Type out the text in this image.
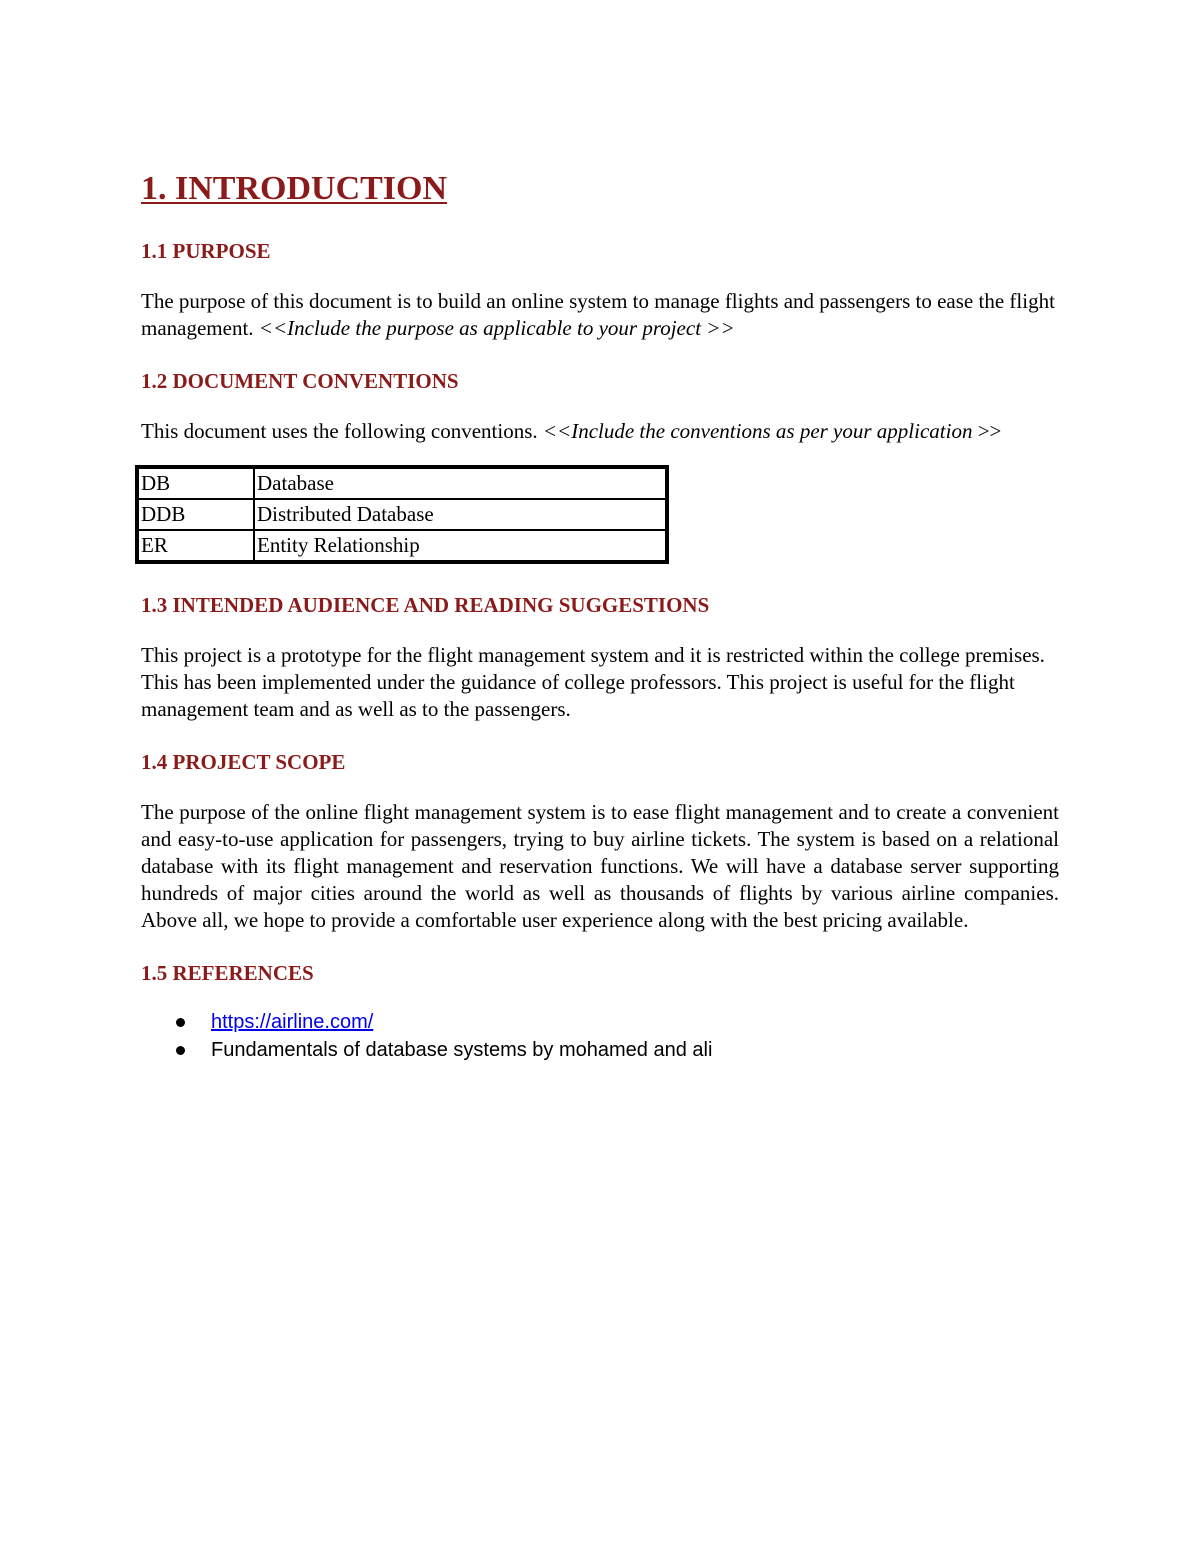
1. INTRODUCTION
1.1 PURPOSE

The purpose of this document is to build an online system to manage flights and passengers to ease the flight management. <<Include the purpose as applicable to your project >>

1.2 DOCUMENT CONVENTIONS

This document uses the following conventions. <<Include the conventions as per your application >>

DB	Database
DDB	Distributed Database
ER	Entity Relationship
1.3 INTENDED AUDIENCE AND READING SUGGESTIONS

This project is a prototype for the flight management system and it is restricted within the college premises. This has been implemented under the guidance of college professors. This project is useful for the flight management team and as well as to the passengers.

1.4 PROJECT SCOPE

The purpose of the online flight management system is to ease flight management and to create a convenient and easy-to-use application for passengers, trying to buy airline tickets. The system is based on a relational database with its flight management and reservation functions. We will have a database server supporting hundreds of major cities around the world as well as thousands of flights by various airline companies. Above all, we hope to provide a comfortable user experience along with the best pricing available.

1.5 REFERENCES
https://airline.com/
Fundamentals of database systems by mohamed and ali
